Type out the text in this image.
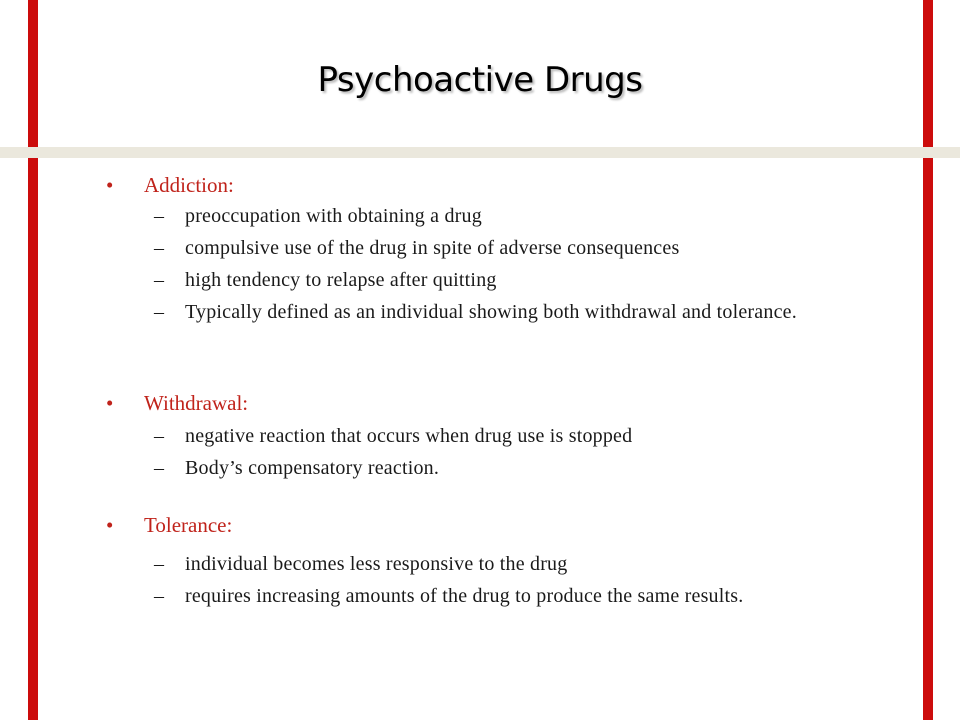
Psychoactive Drugs
• Addiction:
–	preoccupation with obtaining a drug
–	compulsive use of the drug in spite of adverse consequences
–	high tendency to relapse after quitting
–	Typically defined as an individual showing both withdrawal and tolerance.
• Withdrawal:
–	negative reaction that occurs when drug use is stopped
–	Body’s compensatory reaction.
• Tolerance:
–	individual becomes less responsive to the drug
–	requires increasing amounts of the drug to produce the same results.
